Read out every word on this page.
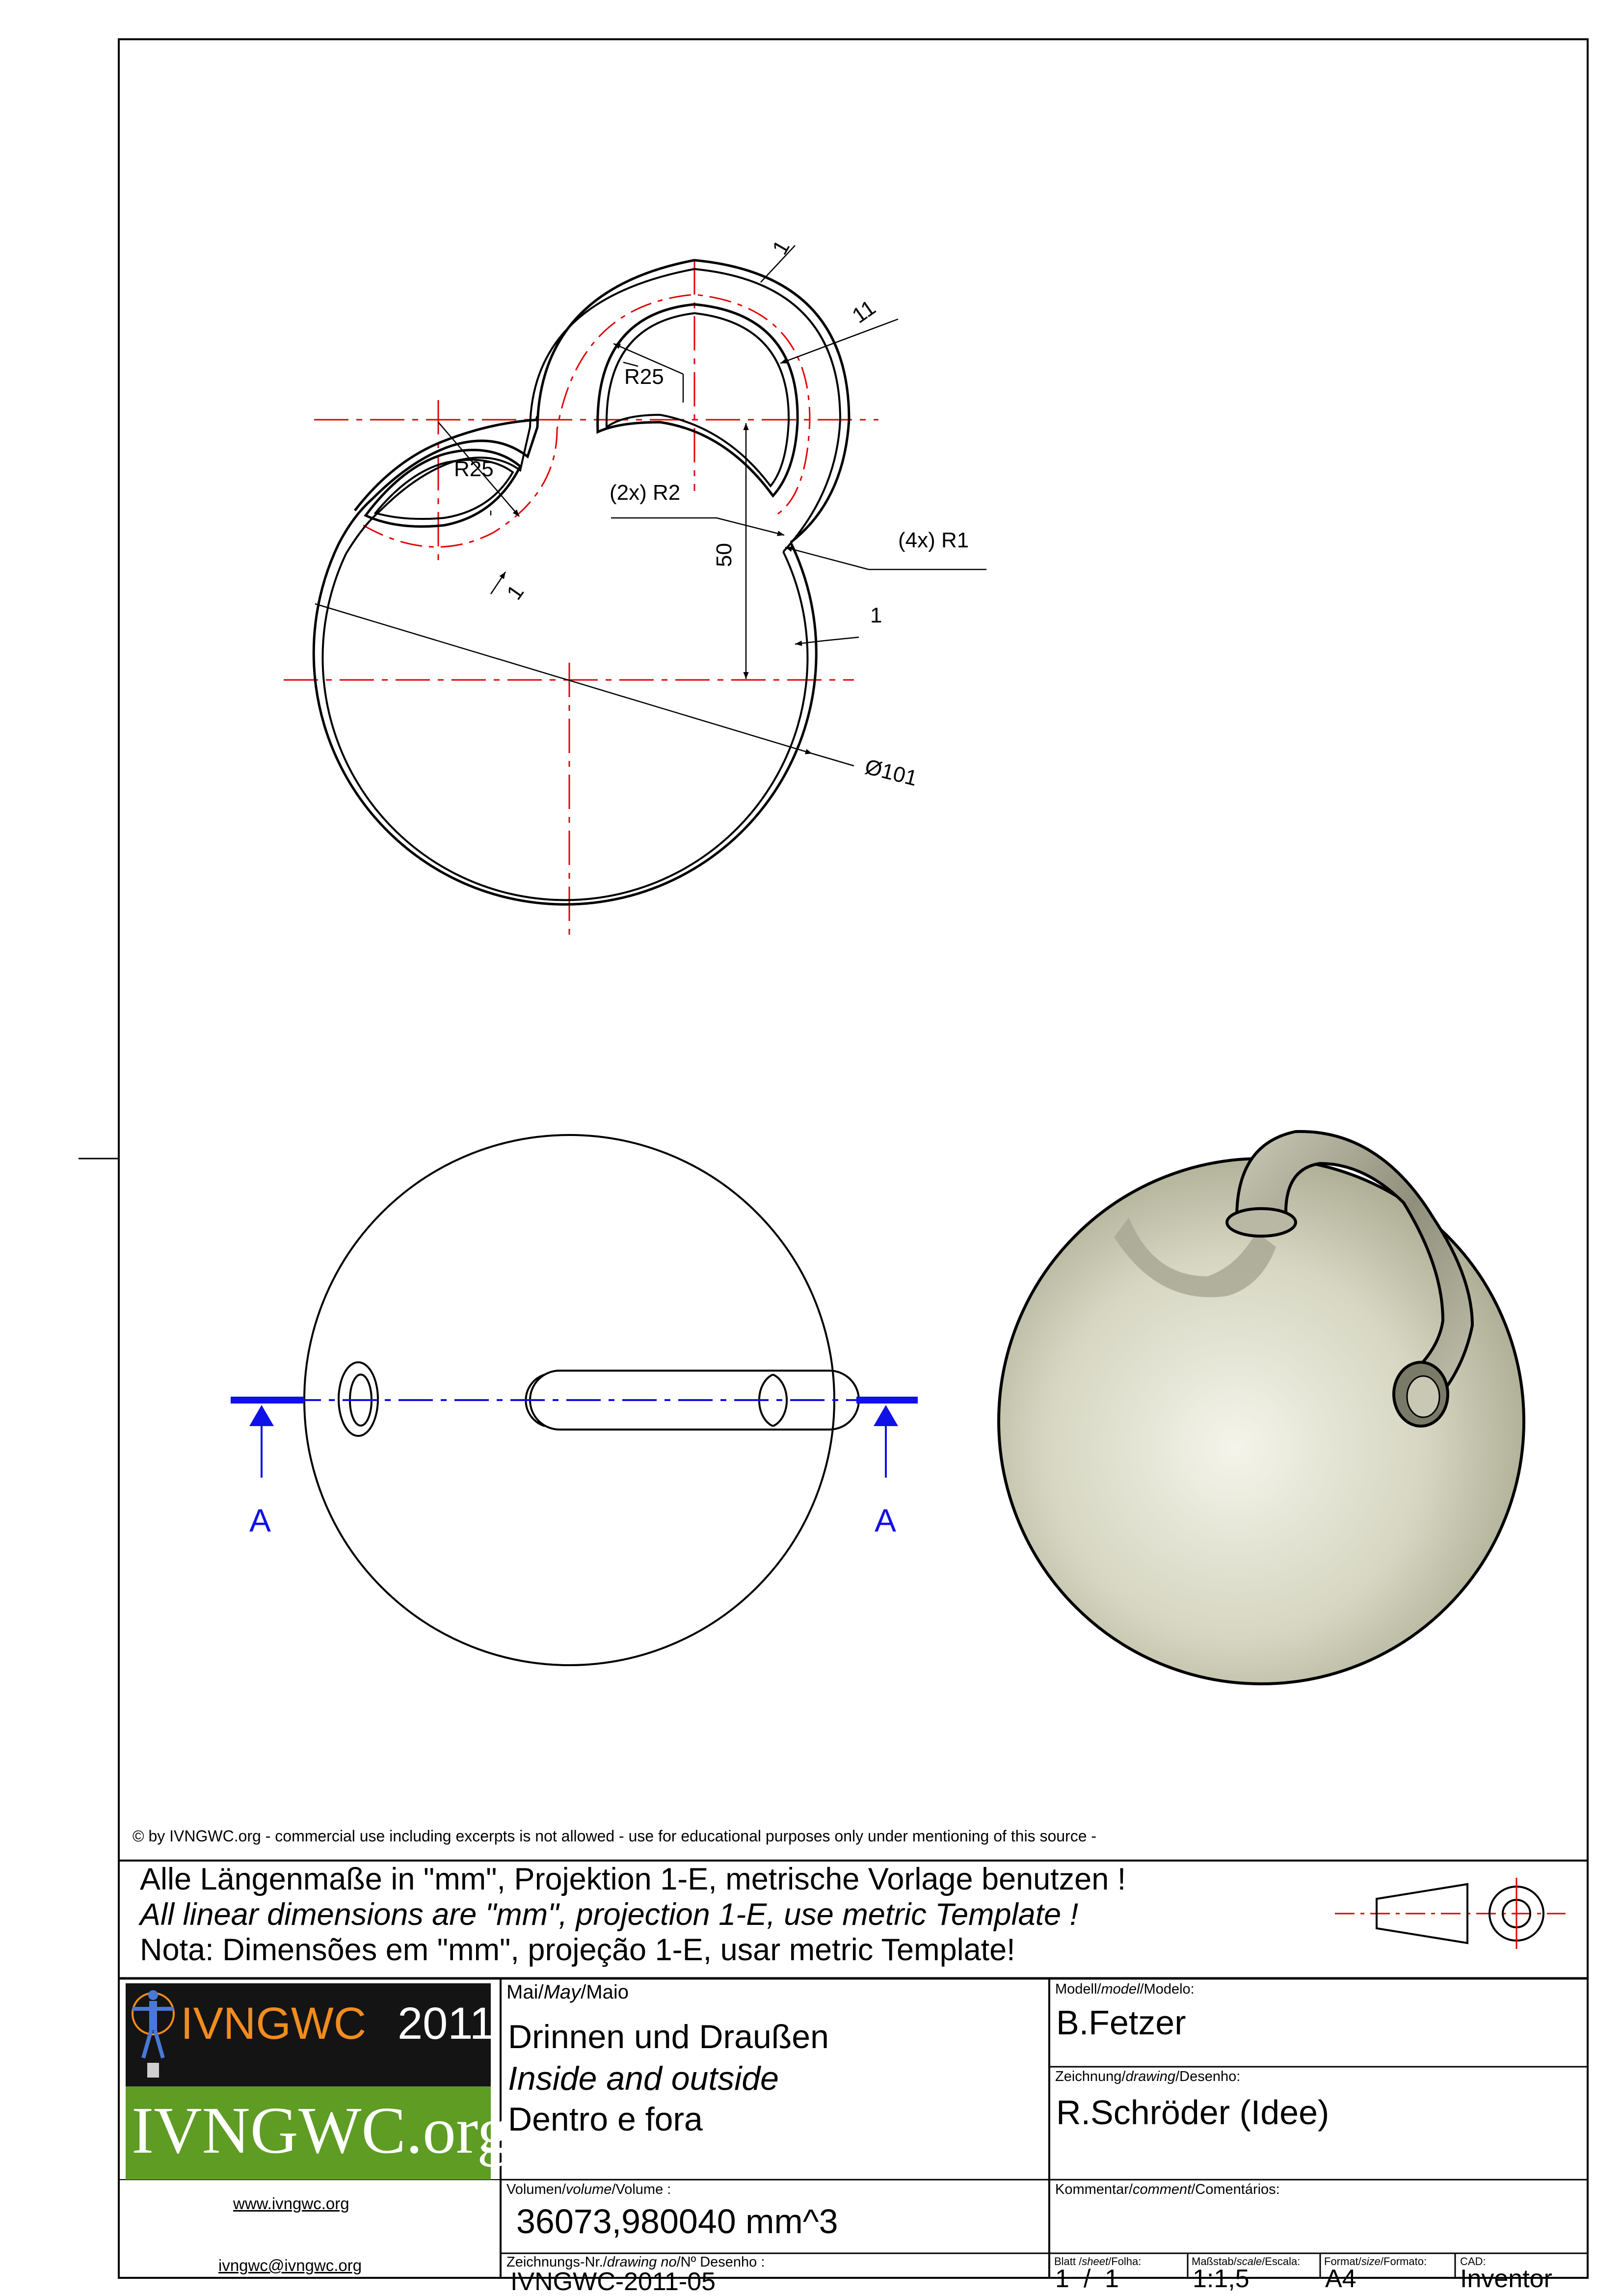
R25
R25
(2x) R2
(4x) R1
50
1
11
1
1
Ø101
A	A
© by IVNGWC.org - commercial use including excerpts is not allowed - use for educational purposes only under mentioning of this source -
Alle Längenmaße in "mm", Projektion 1-E, metrische Vorlage benutzen !
All linear dimensions are "mm", projection 1-E, use metric Template !
Nota: Dimensões em "mm", projeção 1-E, usar metric Template!
IVNGWC 2011
IVNGWC.org
www.ivngwc.org
ivngwc@ivngwc.org
Mai/May/Maio
Drinnen und Draußen
Inside and outside
Dentro e fora
Volumen/volume/Volume :
36073,980040 mm^3
Zeichnungs-Nr./drawing no/Nº Desenho :
IVNGWC-2011-05
Modell/model/Modelo:
B.Fetzer
Zeichnung/drawing/Desenho:
R.Schröder (Idee)
Kommentar/comment/Comentários:
Blatt /sheet/Folha:
1  /  1
Maßstab/scale/Escala:
1:1,5
Format/size/Formato:
A4
CAD:
Inventor
